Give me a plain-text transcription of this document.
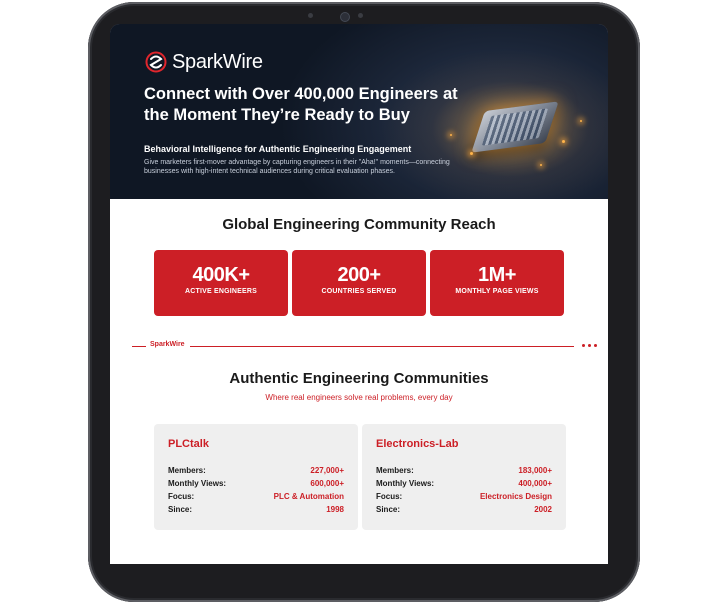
SparkWire
Connect with Over 400,000 Engineers at the Moment They’re Ready to Buy

Behavioral Intelligence for Authentic Engineering Engagement

Give marketers first-mover advantage by capturing engineers in their "Aha!" moments—connecting businesses with high-intent technical audiences during critical evaluation phases.

Global Engineering Community Reach
400K+
ACTIVE ENGINEERS
200+
COUNTRIES SERVED
1M+
MONTHLY PAGE VIEWS
SparkWire
Authentic Engineering Communities

Where real engineers solve real problems, every day

PLCtalk

Members:	227,000+
Monthly Views:	600,000+
Focus:	PLC & Automation
Since:	1998

Electronics-Lab

Members:	183,000+
Monthly Views:	400,000+
Focus:	Electronics Design
Since:	2002
